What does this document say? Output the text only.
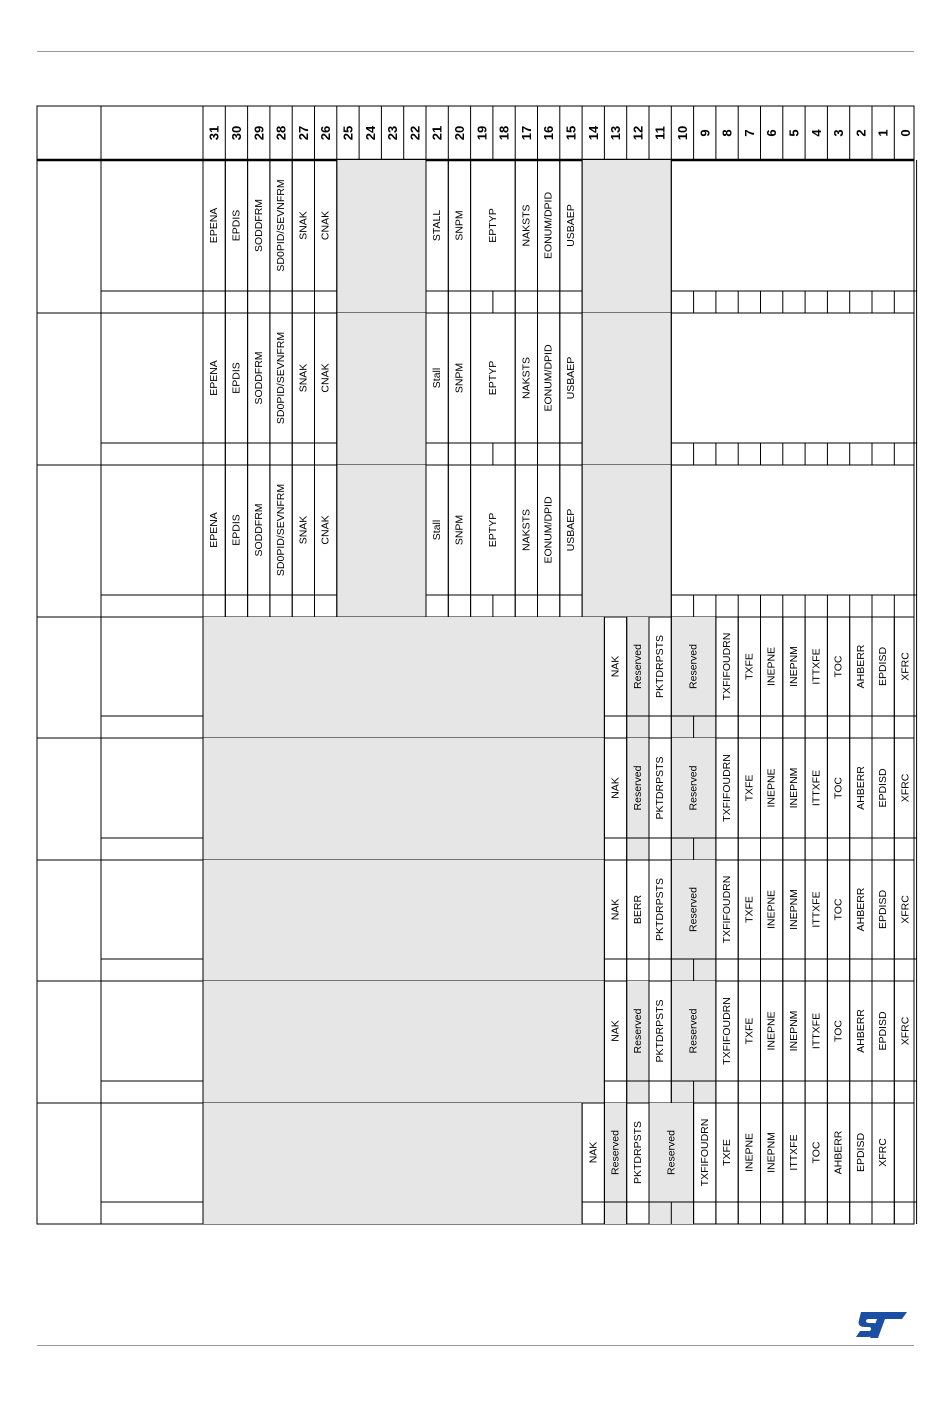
31 30 29 28 27 26 25 24 23 22 21 20 19 18 17 16 15 14 13 12 11 10 9 8 7 6 5 4 3 2 1 0
EPENA EPDIS SODDFRM SD0PID/SEVNFRM SNAK CNAK	STALL SNPM EPTYP NAKSTS EONUM/DPID USBAEP
EPENA EPDIS SODDFRM SD0PID/SEVNFRM SNAK CNAK	Stall SNPM EPTYP NAKSTS EONUM/DPID USBAEP
EPENA EPDIS SODDFRM SD0PID/SEVNFRM SNAK CNAK	Stall SNPM EPTYP NAKSTS EONUM/DPID USBAEP
NAK Reserved PKTDRPSTS Reserved TXFIFOUDRN TXFE INEPNE INEPNM ITTXFE TOC AHBERR EPDISD XFRC
NAK Reserved PKTDRPSTS Reserved TXFIFOUDRN TXFE INEPNE INEPNM ITTXFE TOC AHBERR EPDISD XFRC
NAK BERR PKTDRPSTS Reserved TXFIFOUDRN TXFE INEPNE INEPNM ITTXFE TOC AHBERR EPDISD XFRC
NAK Reserved PKTDRPSTS Reserved TXFIFOUDRN TXFE INEPNE INEPNM ITTXFE TOC AHBERR EPDISD XFRC
NAK Reserved PKTDRPSTS Reserved TXFIFOUDRN TXFE INEPNE INEPNM ITTXFE TOC AHBERR EPDISD XFRC
